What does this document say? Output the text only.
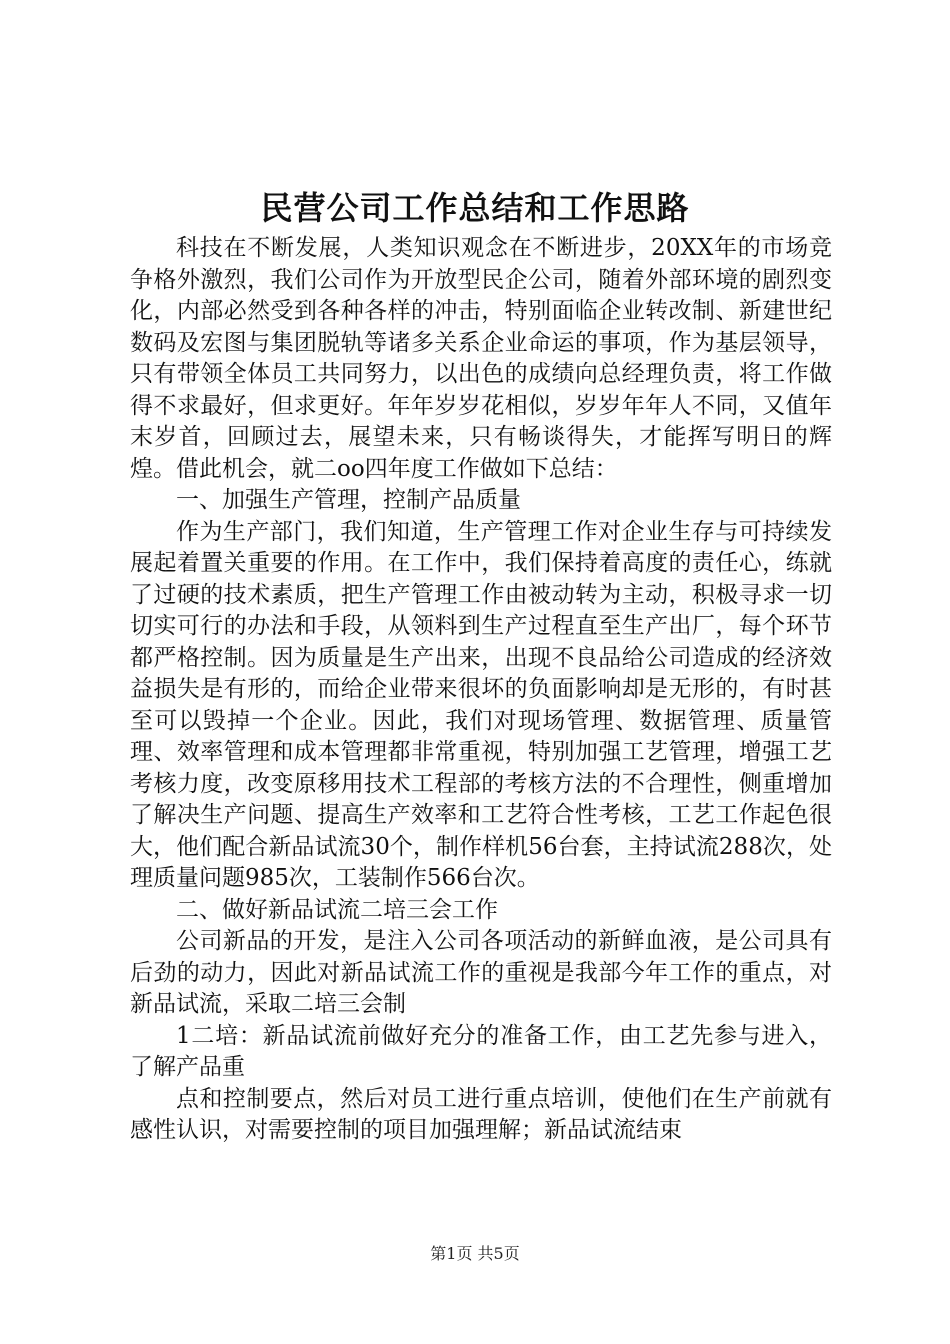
民营公司工作总结和工作思路

科技在不断发展，人类知识观念在不断进步，20XX年的市场竞争格外激烈，我们公司作为开放型民企公司，随着外部环境的剧烈变化，内部必然受到各种各样的冲击，特别面临企业转改制、新建世纪数码及宏图与集团脱轨等诸多关系企业命运的事项，作为基层领导，只有带领全体员工共同努力，以出色的成绩向总经理负责，将工作做得不求最好，但求更好。年年岁岁花相似，岁岁年年人不同，又值年末岁首，回顾过去，展望未来，只有畅谈得失，才能挥写明日的辉煌。借此机会，就二oo四年度工作做如下总结：

一、加强生产管理，控制产品质量

作为生产部门，我们知道，生产管理工作对企业生存与可持续发展起着置关重要的作用。在工作中，我们保持着高度的责任心，练就了过硬的技术素质，把生产管理工作由被动转为主动，积极寻求一切切实可行的办法和手段，从领料到生产过程直至生产出厂，每个环节都严格控制。因为质量是生产出来，出现不良品给公司造成的经济效益损失是有形的，而给企业带来很坏的负面影响却是无形的，有时甚至可以毁掉一个企业。因此，我们对现场管理、数据管理、质量管理、效率管理和成本管理都非常重视，特别加强工艺管理，增强工艺考核力度，改变原移用技术工程部的考核方法的不合理性，侧重增加了解决生产问题、提高生产效率和工艺符合性考核，工艺工作起色很大，他们配合新品试流30个，制作样机56台套，主持试流288次，处理质量问题985次，工装制作566台次。

二、做好新品试流二培三会工作

公司新品的开发，是注入公司各项活动的新鲜血液，是公司具有后劲的动力，因此对新品试流工作的重视是我部今年工作的重点，对新品试流，采取二培三会制

1二培：新品试流前做好充分的准备工作，由工艺先参与进入，了解产品重

点和控制要点，然后对员工进行重点培训，使他们在生产前就有感性认识，对需要控制的项目加强理解；新品试流结束

第1页 共5页
